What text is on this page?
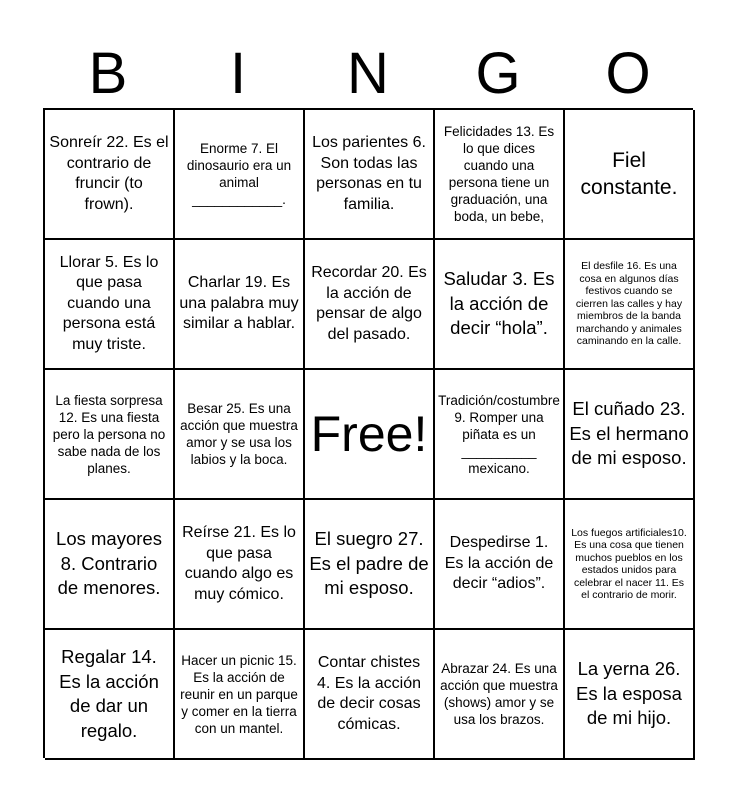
B	I	N	G	O
Sonreír 22. Es el contrario de fruncir (to frown).
Enorme 7. El dinosaurio era un animal ____________.
Los parientes 6. Son todas las personas en tu familia.
Felicidades 13. Es lo que dices cuando una persona tiene un graduación, una boda, un bebe,
Fiel constante.
Llorar 5. Es lo que pasa cuando una persona está muy triste.
Charlar 19. Es una palabra muy similar a hablar.
Recordar 20. Es la acción de pensar de algo del pasado.
Saludar 3. Es la acción de decir “hola”.
El desfile 16. Es una cosa en algunos días festivos cuando se cierren las calles y hay miembros de la banda marchando y animales caminando en la calle.
La fiesta sorpresa 12. Es una fiesta pero la persona no sabe nada de los planes.
Besar 25. Es una acción que muestra amor y se usa los labios y la boca. Free!
Tradición/costumbre 9. Romper una piñata es un __________ mexicano.
El cuñado 23. Es el hermano de mi esposo.
Los mayores 8. Contrario de menores.
Reírse 21. Es lo que pasa cuando algo es muy cómico.
El suegro 27. Es el padre de mi esposo.
Despedirse 1. Es la acción de decir “adios”.
Los fuegos artificiales10. Es una cosa que tienen muchos pueblos en los estados unidos para celebrar el nacer 11. Es el contrario de morir.
Regalar 14. Es la acción de dar un regalo.
Hacer un picnic 15. Es la acción de reunir en un parque y comer en la tierra con un mantel.
Contar chistes 4. Es la acción de decir cosas cómicas.
Abrazar 24. Es una acción que muestra (shows) amor y se usa los brazos.
La yerna 26. Es la esposa de mi hijo.
